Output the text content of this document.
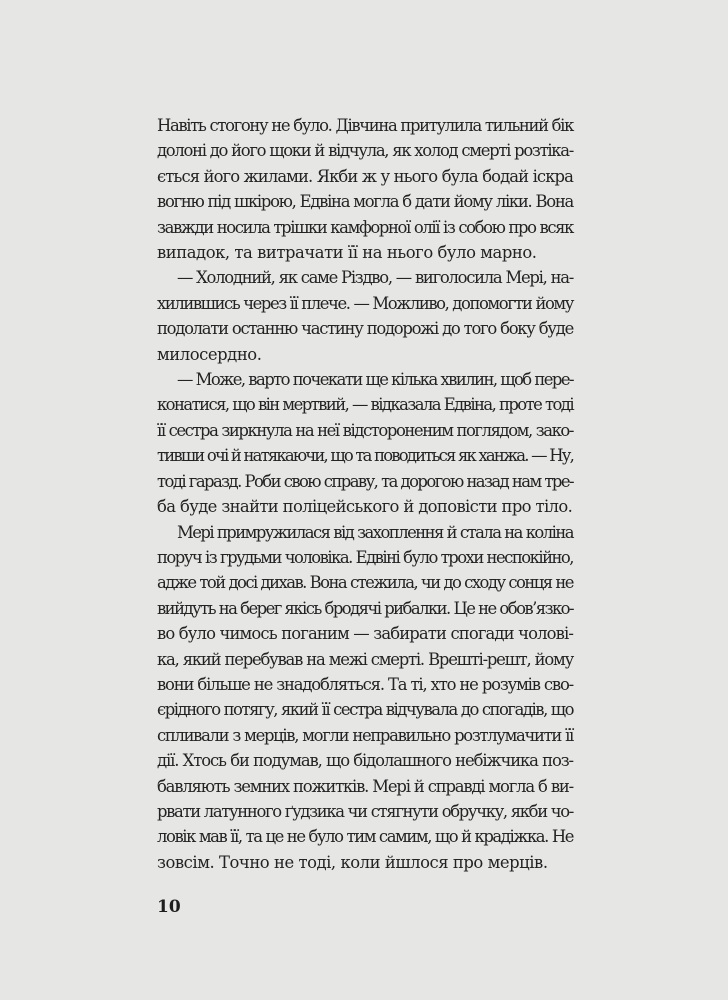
Навіть стогону не було. Дівчина притулила тильний бік
долоні до його щоки й відчула, як холод смерті розтіка-
ється його жилами. Якби ж у нього була бодай іскра
вогню під шкірою, Едвіна могла б дати йому ліки. Вона
завжди носила трішки камфорної олії із собою про всяк
випадок, та витрачати її на нього було марно.
— Холодний, як саме Різдво, — виголосила Мері, на-
хилившись через її плече. — Можливо, допомогти йому
подолати останню частину подорожі до того боку буде
милосердно.
— Може, варто почекати ще кілька хвилин, щоб пере-
конатися, що він мертвий, — відказала Едвіна, проте тоді
її сестра зиркнула на неї відстороненим поглядом, зако-
тивши очі й натякаючи, що та поводиться як ханжа. — Ну,
тоді гаразд. Роби свою справу, та дорогою назад нам тре-
ба буде знайти поліцейського й доповісти про тіло.
Мері примружилася від захоплення й стала на коліна
поруч із грудьми чоловіка. Едвіні було трохи неспокійно,
адже той досі дихав. Вона стежила, чи до сходу сонця не
вийдуть на берег якісь бродячі рибалки. Це не обов’язко-
во було чимось поганим — забирати спогади чолові-
ка, який перебував на межі смерті. Врешті-решт, йому
вони більше не знадобляться. Та ті, хто не розумів сво-
єрідного потягу, який її сестра відчувала до спогадів, що
спливали з мерців, могли неправильно розтлумачити її
дії. Хтось би подумав, що бідолашного небіжчика поз-
бавляють земних пожитків. Мері й справді могла б ви-
рвати латунного ґудзика чи стягнути обручку, якби чо-
ловік мав її, та це не було тим самим, що й крадіжка. Не
зовсім. Точно не тоді, коли йшлося про мерців.
10
